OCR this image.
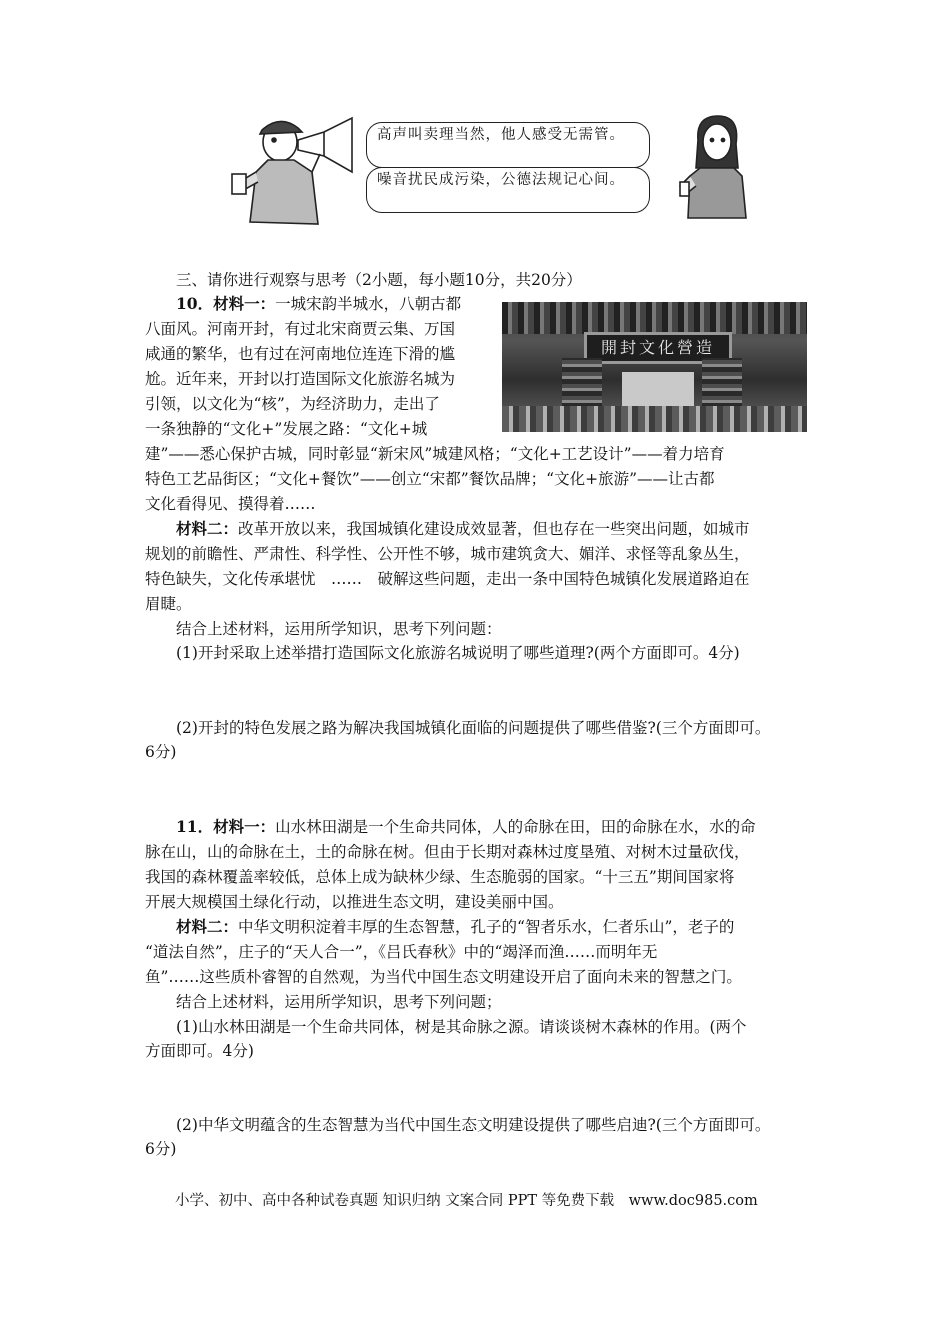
高声叫卖理当然，他人感受无需管。
噪音扰民成污染，公德法规记心间。
三、请你进行观察与思考（2小题，每小题10分，共20分）
10．材料一：一城宋韵半城水，八朝古都
八面风。河南开封，有过北宋商贾云集、万国
咸通的繁华，也有过在河南地位连连下滑的尴
尬。近年来，开封以打造国际文化旅游名城为
引领，以文化为“核”，为经济助力，走出了
一条独静的“文化+”发展之路：“文化+城
建”——悉心保护古城，同时彰显“新宋风”城建风格；“文化+工艺设计”——着力培育
特色工艺品街区；“文化+餐饮”——创立“宋都”餐饮品牌；“文化+旅游”——让古都
文化看得见、摸得着……
開封文化營造
材料二：改革开放以来，我国城镇化建设成效显著，但也存在一些突出问题，如城市
规划的前瞻性、严肃性、科学性、公开性不够，城市建筑贪大、媚洋、求怪等乱象丛生，
特色缺失，文化传承堪忧　……　破解这些问题，走出一条中国特色城镇化发展道路迫在
眉睫。
结合上述材料，运用所学知识，思考下列问题：
(1)开封采取上述举措打造国际文化旅游名城说明了哪些道理?(两个方面即可。4分)
(2)开封的特色发展之路为解决我国城镇化面临的问题提供了哪些借鉴?(三个方面即可。
6分)
11．材料一：山水林田湖是一个生命共同体，人的命脉在田，田的命脉在水，水的命
脉在山，山的命脉在土，土的命脉在树。但由于长期对森林过度垦殖、对树木过量砍伐，
我国的森林覆盖率较低，总体上成为缺林少绿、生态脆弱的国家。“十三五”期间国家将
开展大规模国土绿化行动，以推进生态文明，建设美丽中国。
材料二：中华文明积淀着丰厚的生态智慧，孔子的“智者乐水，仁者乐山”，老子的
“道法自然”，庄子的“天人合一”，《吕氏春秋》中的“竭泽而渔……而明年无
鱼”……这些质朴睿智的自然观，为当代中国生态文明建设开启了面向未来的智慧之门。
结合上述材料，运用所学知识，思考下列问题；
(1)山水林田湖是一个生命共同体，树是其命脉之源。请谈谈树木森林的作用。(两个
方面即可。4分)
(2)中华文明蕴含的生态智慧为当代中国生态文明建设提供了哪些启迪?(三个方面即可。
6分)
小学、初中、高中各种试卷真题 知识归纳 文案合同 PPT 等免费下载　www.doc985.com
